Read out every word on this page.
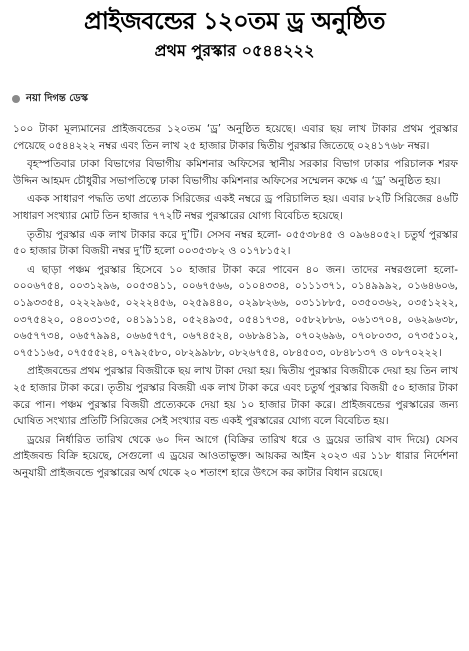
প্রাইজবন্ডের ১২০তম ড্র অনুষ্ঠিত
প্রথম পুরস্কার ০৫৪৪২২২
নয়া দিগন্ত ডেস্ক

১০০ টাকা মূল্যমানের প্রাইজবন্ডের ১২০তম ‘ড্র’ অনুষ্ঠিত হয়েছে। এবার ছয় লাখ টাকার প্রথম পুরস্কার পেয়েছে ০৫৪৪২২২ নম্বর এবং তিন লাখ ২৫ হাজার টাকার দ্বিতীয় পুরস্কার জিতেছে ০২৪১৭৬৮ নম্বর।

বৃহস্পতিবার ঢাকা বিভাগের বিভাগীয় কমিশনার অফিসের স্থানীয় সরকার বিভাগ ঢাকার পরিচালক শরফ উদ্দিন আহমদ চৌধুরীর সভাপতিত্বে ঢাকা বিভাগীয় কমিশনার অফিসের সম্মেলন কক্ষে এ ‘ড্র’ অনুষ্ঠিত হয়।

একক সাধারণ পদ্ধতি তথা প্রত্যেক সিরিজের একই নম্বরে ড্র পরিচালিত হয়। এবার ৮২টি সিরিজের ৪৬টি সাধারণ সংখ্যার মোট তিন হাজার ৭৭২টি নম্বর পুরস্কারের যোগ্য বিবেচিত হয়েছে।

তৃতীয় পুরস্কার এক লাখ টাকার করে দু’টি। সেসব নম্বর হলো- ০৫৫৩৮৪৫ ও ০৯৬৪০৫২। চতুর্থ পুরস্কার ৫০ হাজার টাকা বিজয়ী নম্বর দু’টি হলো ০০৩৫৩৮২ ও ০১৭৮১৫২।

এ ছাড়া পঞ্চম পুরস্কার হিসেবে ১০ হাজার টাকা করে পাবেন ৪০ জন। তাদের নম্বরগুলো হলো- ০০০৬৭৫৪, ০০৩১২৯৬, ০০৫৩৪১১, ০০৬৭৫৬৬, ০১০৪৩৩৪, ০১১১৩৭১, ০১৪৯৯৯২, ০১৬৪৬০৬, ০১৯৩৩৫৪, ০২২২৯৬৫, ০২২২৪৫৬, ০২৫৯৪৪০, ০২৯৮২৬৬, ০৩১১৮৮৫, ০৩৫০৩৬২, ০৩৫১২২২, ০৩৭৫৪২০, ০৪০৩১৩৫, ০৪১৯১১৪, ০৫২৪৯৩৫, ০৫৪১৭৩৪, ০৫৮২৮৮৬, ০৬১৩৭০৪, ০৬২৯৬৩৮, ০৬৫৭৭৩৪, ০৬৫৭৯৯৪, ০৬৬৫৭৫৭, ০৬৭৪৫২৪, ০৬৮৯৪১৯, ০৭০২৬৯৬, ০৭০৮০৩৩, ০৭৩৫১০২, ০৭৫১১৬৫, ০৭৫৫৫২৪, ০৭৯২৫৮০, ০৮২৯৯৮৮, ০৮২৬৭৫৪, ০৮৪৫০৩, ০৮৪৮১৩৭ ও ০৮৭০২২২।

প্রাইজবন্ডের প্রথম পুরস্কার বিজয়ীকে ছয় লাখ টাকা দেয়া হয়। দ্বিতীয় পুরস্কার বিজয়ীকে দেয়া হয় তিন লাখ ২৫ হাজার টাকা করে। তৃতীয় পুরস্কার বিজয়ী এক লাখ টাকা করে এবং চতুর্থ পুরস্কার বিজয়ী ৫০ হাজার টাকা করে পান। পঞ্চম পুরস্কার বিজয়ী প্রত্যেককে দেয়া হয় ১০ হাজার টাকা করে। প্রাইজবন্ডের পুরস্কারের জন্য ঘোষিত সংখ্যার প্রতিটি সিরিজের সেই সংখ্যার বন্ড একই পুরস্কারের যোগ্য বলে বিবেচিত হয়।

ড্রয়ের নির্ধারিত তারিখ থেকে ৬০ দিন আগে (বিক্রির তারিখ ধরে ও ড্রয়ের তারিখ বাদ দিয়ে) যেসব প্রাইজবন্ড বিক্রি হয়েছে, সেগুলো এ ড্রয়ের আওতাভুক্ত। আয়কর আইন ২০২৩ এর ১১৮ ধারার নির্দেশনা অনুযায়ী প্রাইজবন্ডে পুরস্কারের অর্থ থেকে ২০ শতাংশ হারে উৎসে কর কাটার বিধান রয়েছে।
